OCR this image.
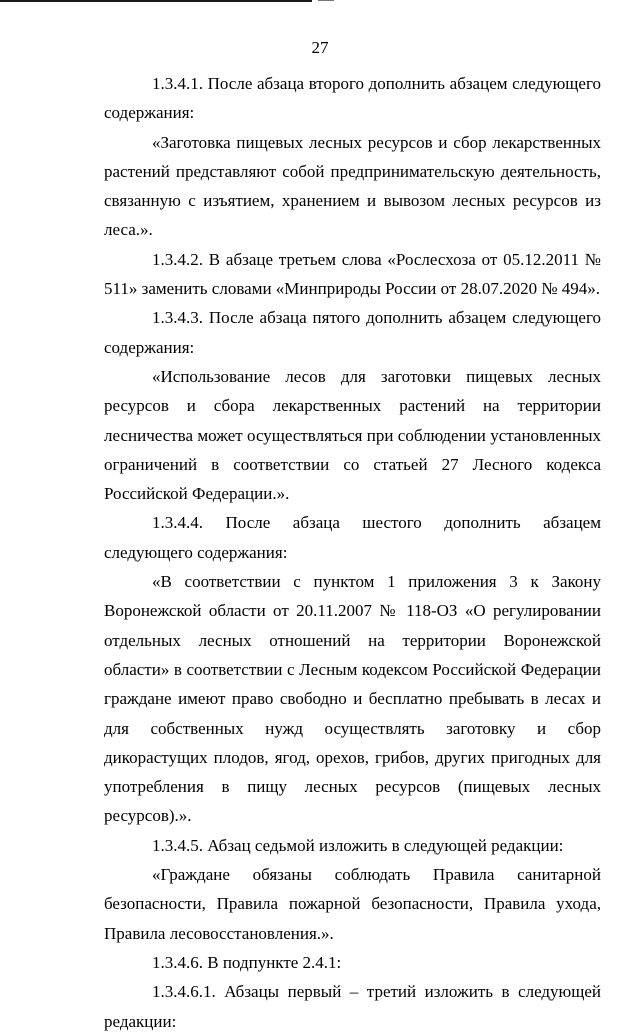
27

1.3.4.1. После абзаца второго дополнить абзацем следующего содержания:

«Заготовка пищевых лесных ресурсов и сбор лекарственных растений представляют собой предпринимательскую деятельность, связанную с изъятием, хранением и вывозом лесных ресурсов из леса.».

1.3.4.2. В абзаце третьем слова «Рослесхоза от 05.12.2011 № 511» заменить словами «Минприроды России от 28.07.2020 № 494».

1.3.4.3. После абзаца пятого дополнить абзацем следующего содержания:

«Использование лесов для заготовки пищевых лесных ресурсов и сбора лекарственных растений на территории лесничества может осуществляться при соблюдении установленных ограничений в соответствии со статьей 27 Лесного кодекса Российской Федерации.».

1.3.4.4. После абзаца шестого дополнить абзацем следующего содержания:

«В соответствии с пунктом 1 приложения 3 к Закону Воронежской области от 20.11.2007 № 118-ОЗ «О регулировании отдельных лесных отношений на территории Воронежской области» в соответствии с Лесным кодексом Российской Федерации граждане имеют право свободно и бесплатно пребывать в лесах и для собственных нужд осуществлять заготовку и сбор дикорастущих плодов, ягод, орехов, грибов, других пригодных для употребления в пищу лесных ресурсов (пищевых лесных ресурсов).».

1.3.4.5. Абзац седьмой изложить в следующей редакции:

«Граждане обязаны соблюдать Правила санитарной безопасности, Правила пожарной безопасности, Правила ухода, Правила лесовосстановления.».

1.3.4.6. В подпункте 2.4.1:

1.3.4.6.1. Абзацы первый – третий изложить в следующей редакции:
